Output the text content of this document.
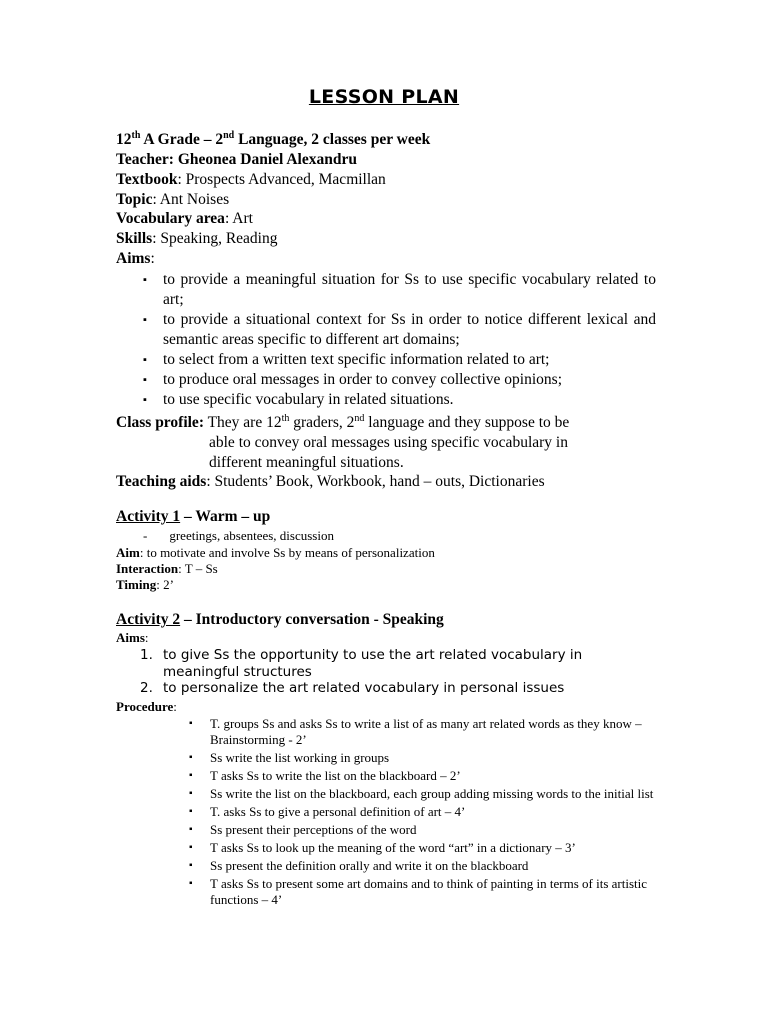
LESSON PLAN
12th A Grade – 2nd Language, 2 classes per week
Teacher: Gheonea Daniel Alexandru
Textbook: Prospects Advanced, Macmillan
Topic: Ant Noises
Vocabulary area: Art
Skills: Speaking, Reading
Aims:
▪ to provide a meaningful situation for Ss to use specific vocabulary related to art;
▪ to provide a situational context for Ss in order to notice different lexical and semantic areas specific to different art domains;
▪ to select from a written text specific information related to art;
▪ to produce oral messages in order to convey collective opinions;
▪ to use specific vocabulary in related situations.
Class profile: They are 12th graders, 2nd language and they suppose to be
able to convey oral messages using specific vocabulary in
different meaningful situations.
Teaching aids: Students’ Book, Workbook, hand – outs, Dictionaries
Activity 1 – Warm – up
- greetings, absentees, discussion
Aim: to motivate and involve Ss by means of personalization
Interaction: T – Ss
Timing: 2’
Activity 2 – Introductory conversation - Speaking
Aims:
1. to give Ss the opportunity to use the art related vocabulary in meaningful structures
2. to personalize the art related vocabulary in personal issues
Procedure:
▪ T. groups Ss and asks Ss to write a list of as many art related words as they know – Brainstorming - 2’
▪ Ss write the list working in groups
▪ T asks Ss to write the list on the blackboard – 2’
▪ Ss write the list on the blackboard, each group adding missing words to the initial list
▪ T. asks Ss to give a personal definition of art – 4’
▪ Ss present their perceptions of the word
▪ T asks Ss to look up the meaning of the word “art” in a dictionary – 3’
▪ Ss present the definition orally and write it on the blackboard
▪ T asks Ss to present some art domains and to think of painting in terms of its artistic functions – 4’
